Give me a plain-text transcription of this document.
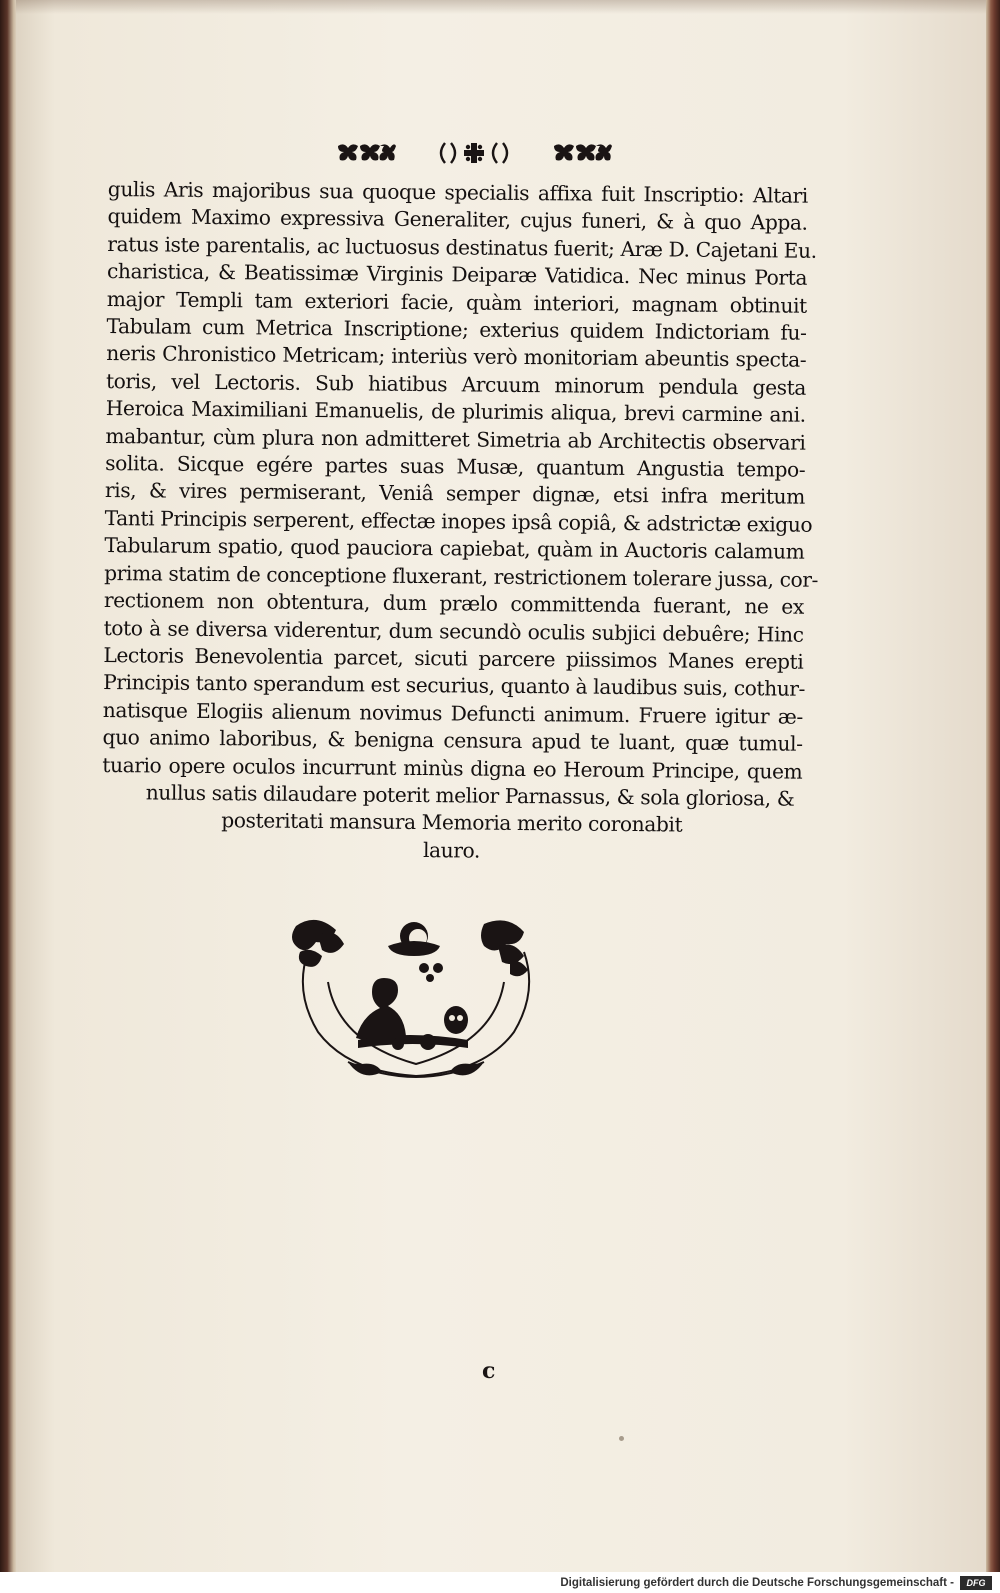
gulis Aris majoribus sua quoque specialis affixa fuit Inscriptio: Altari
quidem Maximo expressiva Generaliter, cujus funeri, & à quo Appa.
ratus iste parentalis, ac luctuosus destinatus fuerit; Aræ D. Cajetani Eu.
charistica, & Beatissimæ Virginis Deiparæ Vatidica. Nec minus Porta
major Templi tam exteriori facie, quàm interiori, magnam obtinuit
Tabulam cum Metrica Inscriptione; exterius quidem Indictoriam fu-
neris Chronistico Metricam; interiùs verò monitoriam abeuntis specta-
toris, vel Lectoris. Sub hiatibus Arcuum minorum pendula gesta
Heroica Maximiliani Emanuelis, de plurimis aliqua, brevi carmine ani.
mabantur, cùm plura non admitteret Simetria ab Architectis observari
solita. Sicque egére partes suas Musæ, quantum Angustia tempo-
ris, & vires permiserant, Veniâ semper dignæ, etsi infra meritum
Tanti Principis serperent, effectæ inopes ipsâ copiâ, & adstrictæ exiguo
Tabularum spatio, quod pauciora capiebat, quàm in Auctoris calamum
prima statim de conceptione fluxerant, restrictionem tolerare jussa, cor-
rectionem non obtentura, dum prælo committenda fuerant, ne ex
toto à se diversa viderentur, dum secundò oculis subjici debuêre; Hinc
Lectoris Benevolentia parcet, sicuti parcere piissimos Manes erepti
Principis tanto sperandum est securius, quanto à laudibus suis, cothur-
natisque Elogiis alienum novimus Defuncti animum. Fruere igitur æ-
quo animo laboribus, & benigna censura apud te luant, quæ tumul-
tuario opere oculos incurrunt minùs digna eo Heroum Principe, quem
nullus satis dilaudare poterit melior Parnassus, & sola gloriosa, &
posteritati mansura Memoria merito coronabit
lauro.
c
Digitalisierung gefördert durch die Deutsche Forschungsgemeinschaft -	DFG
